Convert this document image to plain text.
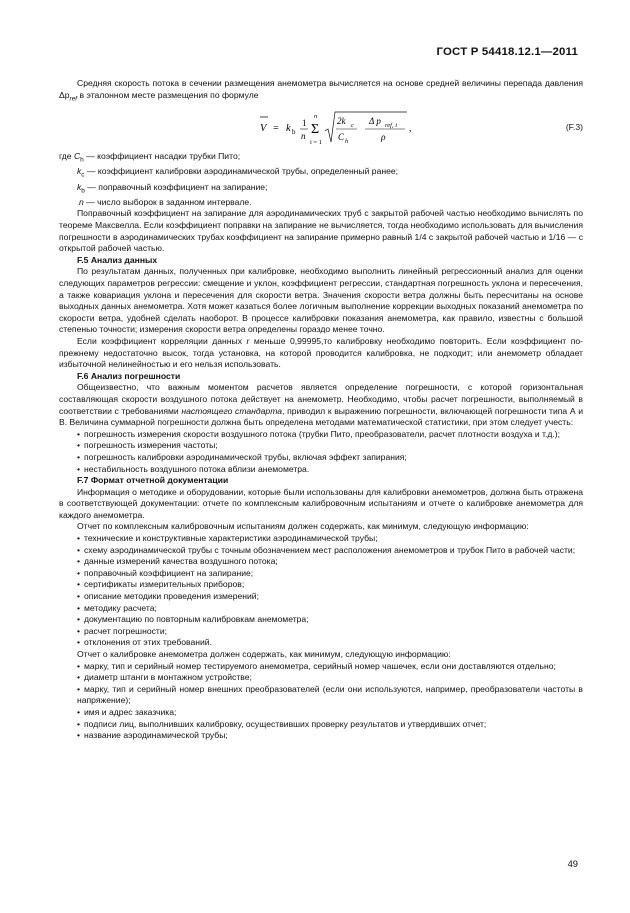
ГОСТ Р 54418.12.1—2011

Средняя скорость потока в сечении размещения анемометра вычисляется на основе средней величины перепада давления $\Delta p_{ref}$ в эталонном месте размещения по формуле

V = k b
1
n
n
Σ
i = 1
2k c Δ p ref, i
C h	ρ
,	(F.3)

где $C_h$ — коэффициент насадки трубки Пито;

$k_c$ — коэффициент калибровки аэродинамической трубы, определенный ранее;

$k_b$ — поправочный коэффициент на запирание;

n — число выборок в заданном интервале.

Поправочный коэффициент на запирание для аэродинамических труб с закрытой рабочей частью необходимо вычислять по теореме Максвелла. Если коэффициент поправки на запирание не вычисляется, тогда необходимо использовать для вычисления погрешности в аэродинамических трубах коэффициент на запирание примерно равный 1/4 с закрытой рабочей частью и 1/16 — с открытой рабочей частью.

F.5 Анализ данных

По результатам данных, полученных при калибровке, необходимо выполнить линейный регрессионный анализ для оценки следующих параметров регрессии: смещение и уклон, коэффициент регрессии, стандартная погрешность уклона и пересечения, а также ковариация уклона и пересечения для скорости ветра. Значения скорости ветра должны быть пересчитаны на основе выходных данных анемометра. Хотя может казаться более логичным выполнение коррекции выходных показаний анемометра по скорости ветра, удобней сделать наоборот. В процессе калибровки показания анемометра, как правило, известны с большой степенью точности; измерения скорости ветра определены гораздо менее точно.

Если коэффициент корреляции данных r меньше 0,99995,то калибровку необходимо повторить. Если коэффициент по-прежнему недостаточно высок, тогда установка, на которой проводится калибровка, не подходит; или анемометр обладает избыточной нелинейностью и его нельзя использовать.

F.6 Анализ погрешности

Общеизвестно, что важным моментом расчетов является определение погрешности, с которой горизонтальная составляющая скорости воздушного потока действует на анемометр. Необходимо, чтобы расчет погрешности, выполняемый в соответствии с требованиями настоящего стандарта, приводил к выражению погрешности, включающей погрешности типа А и В. Величина суммарной погрешности должна быть определена методами математической статистики, при этом следует учесть:

• погрешность измерения скорости воздушного потока (трубки Пито, преобразователи, расчет плотности воздуха и т.д.);

• погрешность измерения частоты;

• погрешность калибровки аэродинамической трубы, включая эффект запирания;

• нестабильность воздушного потока вблизи анемометра.

F.7 Формат отчетной документации

Информация о методике и оборудовании, которые были использованы для калибровки анемометров, должна быть отражена в соответствующей документации: отчете по комплексным калибровочным испытаниям и отчете о калибровке анемометра для каждого анемометра.

Отчет по комплексным калибровочным испытаниям должен содержать, как минимум, следующую информацию:

• технические и конструктивные характеристики аэродинамической трубы;

• схему аэродинамической трубы с точным обозначением мест расположения анемометров и трубок Пито в рабочей части;

• данные измерений качества воздушного потока;

• поправочный коэффициент на запирание;

• сертификаты измерительных приборов;

• описание методики проведения измерений;

• методику расчета;

• документацию по повторным калибровкам анемометра;

• расчет погрешности;

• отклонения от этих требований.

Отчет о калибровке анемометра должен содержать, как минимум, следующую информацию:

• марку, тип и серийный номер тестируемого анемометра, серийный номер чашечек, если они доставляются отдельно;

• диаметр штанги в монтажном устройстве;

• марку, тип и серийный номер внешних преобразователей (если они используются, например, преобразователи частоты в напряжение);

• имя и адрес заказчика;

• подписи лиц, выполнивших калибровку, осуществивших проверку результатов и утвердивших отчет;

• название аэродинамической трубы;

49
